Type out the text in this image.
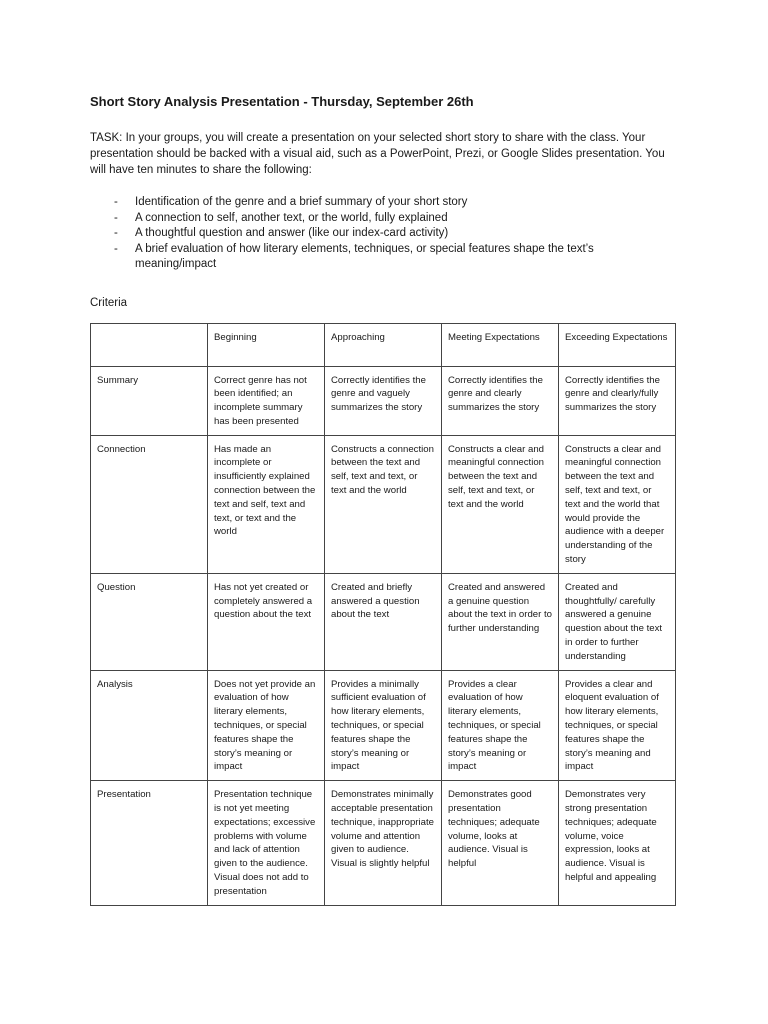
Short Story Analysis Presentation - Thursday, September 26th

TASK: In your groups, you will create a presentation on your selected short story to share with the class. Your presentation should be backed with a visual aid, such as a PowerPoint, Prezi, or Google Slides presentation. You will have ten minutes to share the following:

- Identification of the genre and a brief summary of your short story
- A connection to self, another text, or the world, fully explained
- A thoughtful question and answer (like our index-card activity)
- A brief evaluation of how literary elements, techniques, or special features shape the text’s meaning/impact

Criteria

	Beginning	Approaching	Meeting Expectations	Exceeding Expectations
Summary	Correct genre has not been identified; an incomplete summary has been presented	Correctly identifies the genre and vaguely summarizes the story	Correctly identifies the genre and clearly summarizes the story	Correctly identifies the genre and clearly/fully summarizes the story
Connection	Has made an incomplete or insufficiently explained connection between the text and self, text and text, or text and the world	Constructs a connection between the text and self, text and text, or text and the world	Constructs a clear and meaningful connection between the text and self, text and text, or text and the world	Constructs a clear and meaningful connection between the text and self, text and text, or text and the world that would provide the audience with a deeper understanding of the story
Question	Has not yet created or completely answered a question about the text	Created and briefly answered a question about the text	Created and answered a genuine question about the text in order to further understanding	Created and thoughtfully/ carefully answered a genuine question about the text in order to further understanding
Analysis	Does not yet provide an evaluation of how literary elements, techniques, or special features shape the story’s meaning or impact	Provides a minimally sufficient evaluation of how literary elements, techniques, or special features shape the story’s meaning or impact	Provides a clear evaluation of how literary elements, techniques, or special features shape the story’s meaning or impact	Provides a clear and eloquent evaluation of how literary elements, techniques, or special features shape the story’s meaning and impact
Presentation	Presentation technique is not yet meeting expectations; excessive problems with volume and lack of attention given to the audience. Visual does not add to presentation	Demonstrates minimally acceptable presentation technique, inappropriate volume and attention given to audience. Visual is slightly helpful	Demonstrates good presentation techniques; adequate volume, looks at audience. Visual is helpful	Demonstrates very strong presentation techniques; adequate volume, voice expression, looks at audience. Visual is helpful and appealing
